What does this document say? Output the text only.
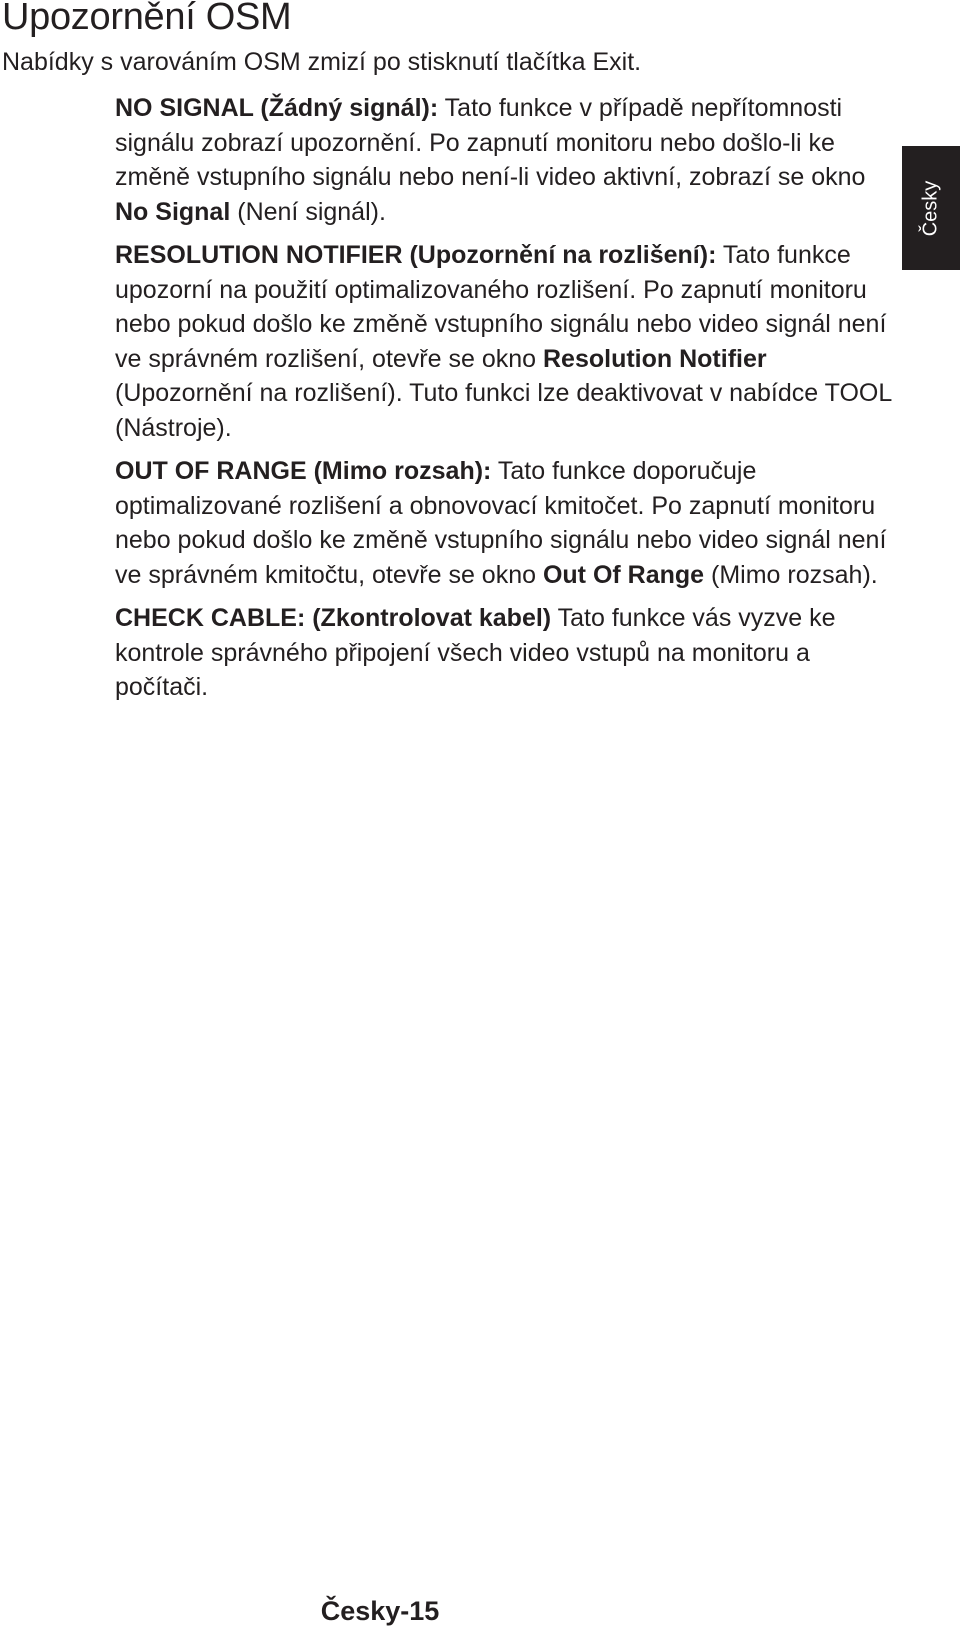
Upozornění OSM

Nabídky s varováním OSM zmizí po stisknutí tlačítka Exit.

NO SIGNAL (Žádný signál): Tato funkce v případě nepřítomnosti signálu zobrazí upozornění. Po zapnutí monitoru nebo došlo-li ke změně vstupního signálu nebo není-li video aktivní, zobrazí se okno No Signal (Není signál).

RESOLUTION NOTIFIER (Upozornění na rozlišení): Tato funkce upozorní na použití optimalizovaného rozlišení. Po zapnutí monitoru nebo pokud došlo ke změně vstupního signálu nebo video signál není ve správném rozlišení, otevře se okno Resolution Notifier (Upozornění na rozlišení). Tuto funkci lze deaktivovat v nabídce TOOL (Nástroje).

OUT OF RANGE (Mimo rozsah): Tato funkce doporučuje optimalizované rozlišení a obnovovací kmitočet. Po zapnutí monitoru nebo pokud došlo ke změně vstupního signálu nebo video signál není ve správném kmitočtu, otevře se okno Out Of Range (Mimo rozsah).

CHECK CABLE: (Zkontrolovat kabel) Tato funkce vás vyzve ke kontrole správného připojení všech video vstupů na monitoru a počítači.

Česky
Česky-15
